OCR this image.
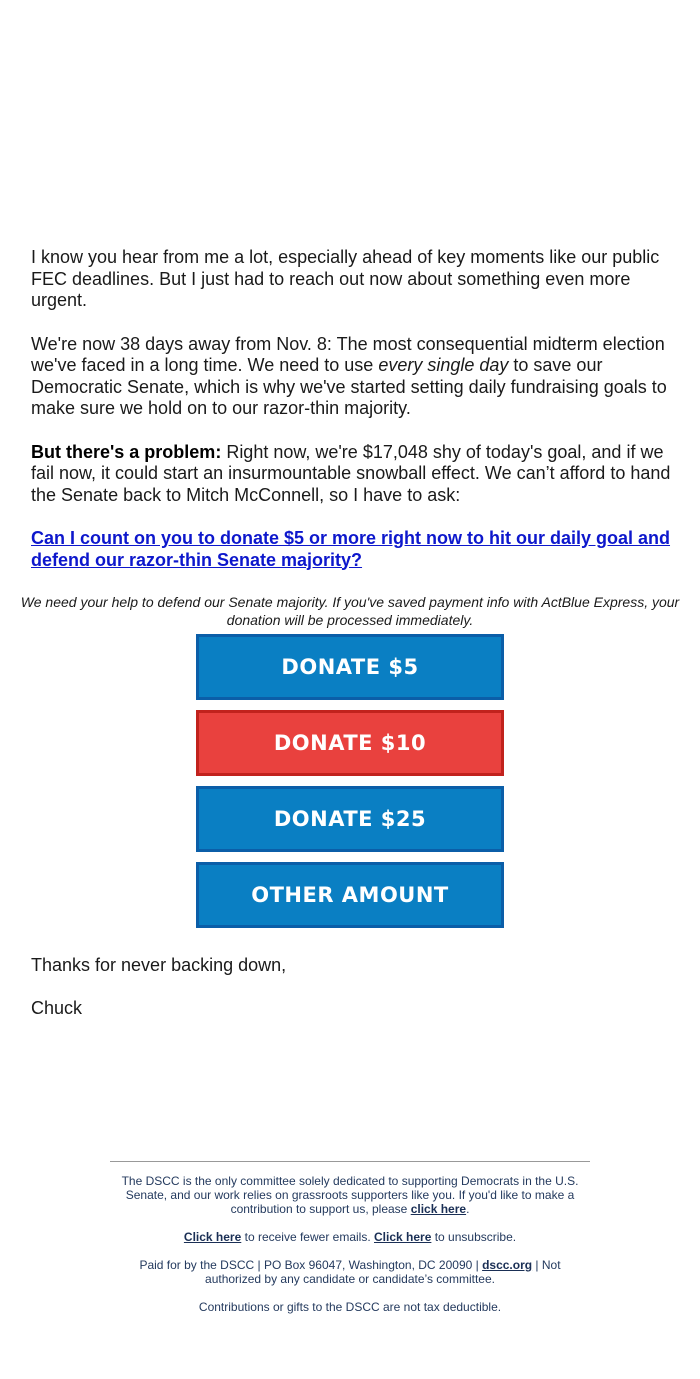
I know you hear from me a lot, especially ahead of key moments like our public FEC deadlines. But I just had to reach out now about something even more urgent.

We're now 38 days away from Nov. 8: The most consequential midterm election we've faced in a long time. We need to use every single day to save our Democratic Senate, which is why we've started setting daily fundraising goals to make sure we hold on to our razor-thin majority.

But there's a problem: Right now, we're $17,048 shy of today's goal, and if we fail now, it could start an insurmountable snowball effect. We can’t afford to hand the Senate back to Mitch McConnell, so I have to ask:

Can I count on you to donate $5 or more right now to hit our daily goal and defend our razor-thin Senate majority?
We need your help to defend our Senate majority. If you've saved payment info with ActBlue Express, your donation will be processed immediately.
DONATE $5
DONATE $10
DONATE $25
OTHER AMOUNT
Thanks for never backing down,
Chuck
The DSCC is the only committee solely dedicated to supporting Democrats in the U.S. Senate, and our work relies on grassroots supporters like you. If you'd like to make a contribution to support us, please click here.
Click here to receive fewer emails. Click here to unsubscribe.
Paid for by the DSCC | PO Box 96047, Washington, DC 20090 | dscc.org | Not authorized by any candidate or candidate’s committee.
Contributions or gifts to the DSCC are not tax deductible.
